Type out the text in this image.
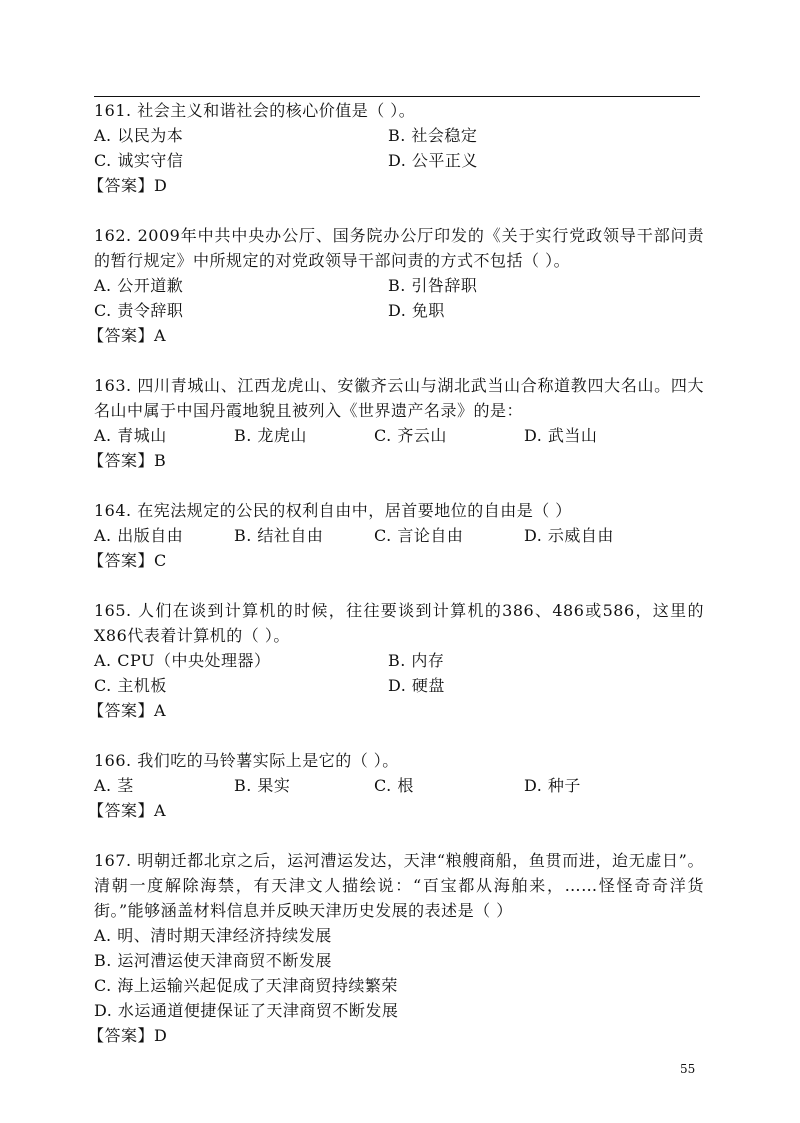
161. 社会主义和谐社会的核心价值是（ ）。

A. 以民为本	B. 社会稳定
C. 诚实守信	D. 公平正义
【答案】D

162. 2009年中共中央办公厅、国务院办公厅印发的《关于实行党政领导干部问责的暂行规定》中所规定的对党政领导干部问责的方式不包括（ ）。

A. 公开道歉	B. 引咎辞职
C. 责令辞职	D. 免职
【答案】A

163. 四川青城山、江西龙虎山、安徽齐云山与湖北武当山合称道教四大名山。四大名山中属于中国丹霞地貌且被列入《世界遗产名录》的是：

A. 青城山	B. 龙虎山	C. 齐云山	D. 武当山
【答案】B

164. 在宪法规定的公民的权利自由中，居首要地位的自由是（ ）

A. 出版自由	B. 结社自由	C. 言论自由	D. 示威自由
【答案】C

165. 人们在谈到计算机的时候，往往要谈到计算机的386、486或586，这里的 X86代表着计算机的（ ）。

A. CPU（中央处理器）	B. 内存
C. 主机板	D. 硬盘
【答案】A

166. 我们吃的马铃薯实际上是它的（ ）。

A. 茎	B. 果实	C. 根	D. 种子
【答案】A

167. 明朝迁都北京之后，运河漕运发达，天津“粮艘商船，鱼贯而进，迨无虚日”。清朝一度解除海禁，有天津文人描绘说：“百宝都从海舶来，……怪怪奇奇洋货街。”能够涵盖材料信息并反映天津历史发展的表述是（ ）

A. 明、清时期天津经济持续发展
B. 运河漕运使天津商贸不断发展
C. 海上运输兴起促成了天津商贸持续繁荣
D. 水运通道便捷保证了天津商贸不断发展
【答案】D
55
